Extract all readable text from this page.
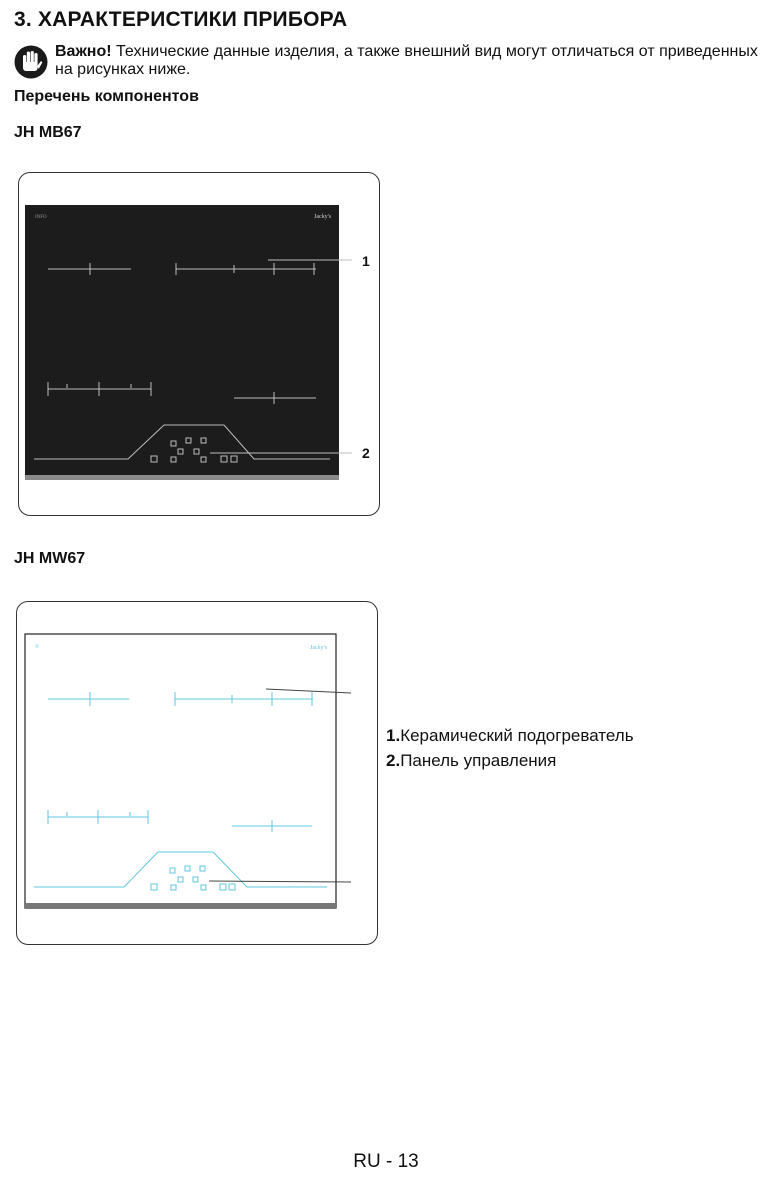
3. ХАРАКТЕРИСТИКИ ПРИБОРА
Важно! Технические данные изделия, а также внешний вид могут отличаться от приведенных на рисунках ниже.
Перечень компонентов
JH MB67
INFO	Jacky's
1
2
JH MW67
®	Jacky's
1.Керамический подогреватель
2.Панель управления
RU - 13
